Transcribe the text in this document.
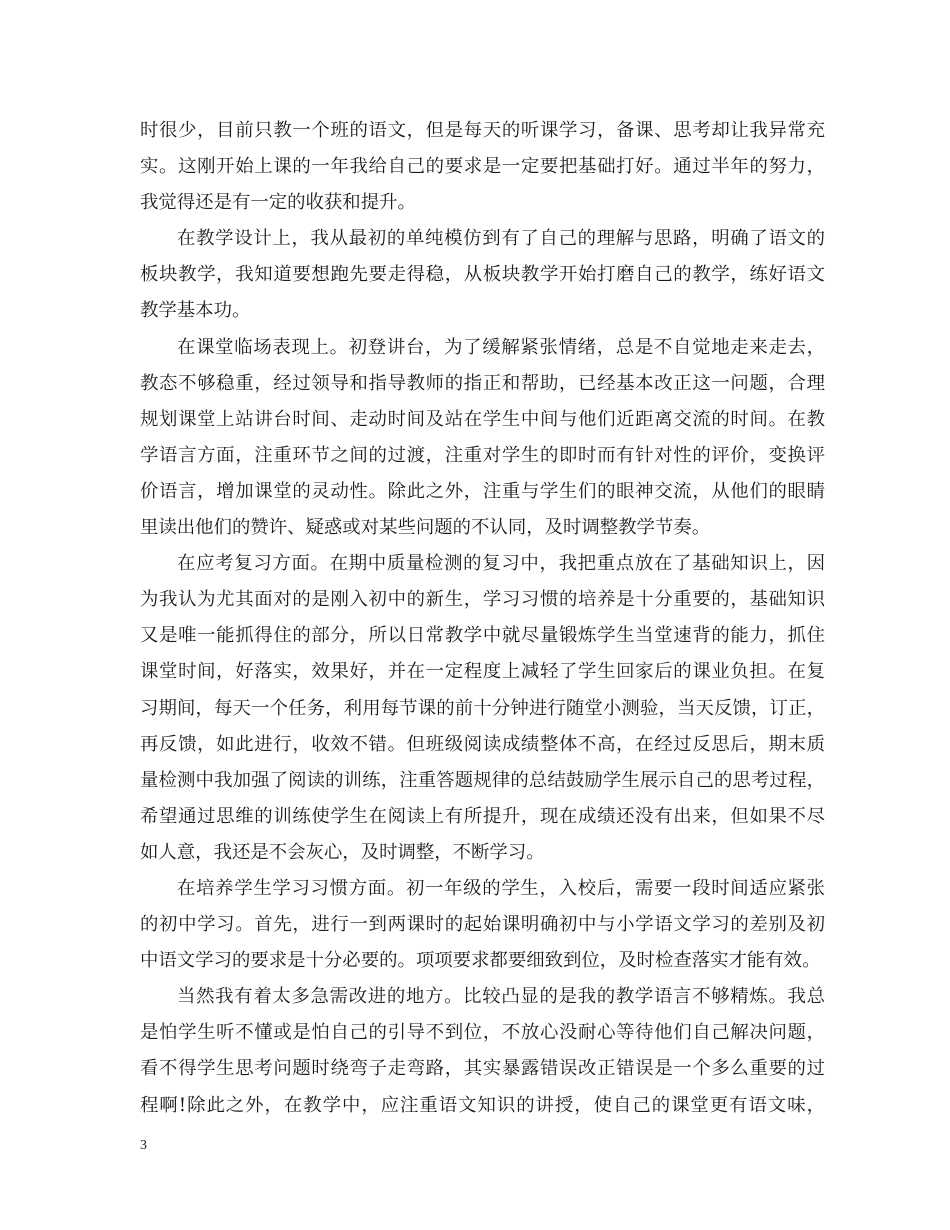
时很少，目前只教一个班的语文，但是每天的听课学习，备课、思考却让我异常充
实。这刚开始上课的一年我给自己的要求是一定要把基础打好。通过半年的努力，
我觉得还是有一定的收获和提升。
在教学设计上，我从最初的单纯模仿到有了自己的理解与思路，明确了语文的
板块教学，我知道要想跑先要走得稳，从板块教学开始打磨自己的教学，练好语文
教学基本功。
在课堂临场表现上。初登讲台，为了缓解紧张情绪，总是不自觉地走来走去，
教态不够稳重，经过领导和指导教师的指正和帮助，已经基本改正这一问题，合理
规划课堂上站讲台时间、走动时间及站在学生中间与他们近距离交流的时间。在教
学语言方面，注重环节之间的过渡，注重对学生的即时而有针对性的评价，变换评
价语言，增加课堂的灵动性。除此之外，注重与学生们的眼神交流，从他们的眼睛
里读出他们的赞许、疑惑或对某些问题的不认同，及时调整教学节奏。
在应考复习方面。在期中质量检测的复习中，我把重点放在了基础知识上，因
为我认为尤其面对的是刚入初中的新生，学习习惯的培养是十分重要的，基础知识
又是唯一能抓得住的部分，所以日常教学中就尽量锻炼学生当堂速背的能力，抓住
课堂时间，好落实，效果好，并在一定程度上减轻了学生回家后的课业负担。在复
习期间，每天一个任务，利用每节课的前十分钟进行随堂小测验，当天反馈，订正，
再反馈，如此进行，收效不错。但班级阅读成绩整体不高，在经过反思后，期末质
量检测中我加强了阅读的训练，注重答题规律的总结鼓励学生展示自己的思考过程，
希望通过思维的训练使学生在阅读上有所提升，现在成绩还没有出来，但如果不尽
如人意，我还是不会灰心，及时调整，不断学习。
在培养学生学习习惯方面。初一年级的学生，入校后，需要一段时间适应紧张
的初中学习。首先，进行一到两课时的起始课明确初中与小学语文学习的差别及初
中语文学习的要求是十分必要的。项项要求都要细致到位，及时检查落实才能有效。
当然我有着太多急需改进的地方。比较凸显的是我的教学语言不够精炼。我总
是怕学生听不懂或是怕自己的引导不到位，不放心没耐心等待他们自己解决问题，
看不得学生思考问题时绕弯子走弯路，其实暴露错误改正错误是一个多么重要的过
程啊!除此之外，在教学中，应注重语文知识的讲授，使自己的课堂更有语文味，
3
